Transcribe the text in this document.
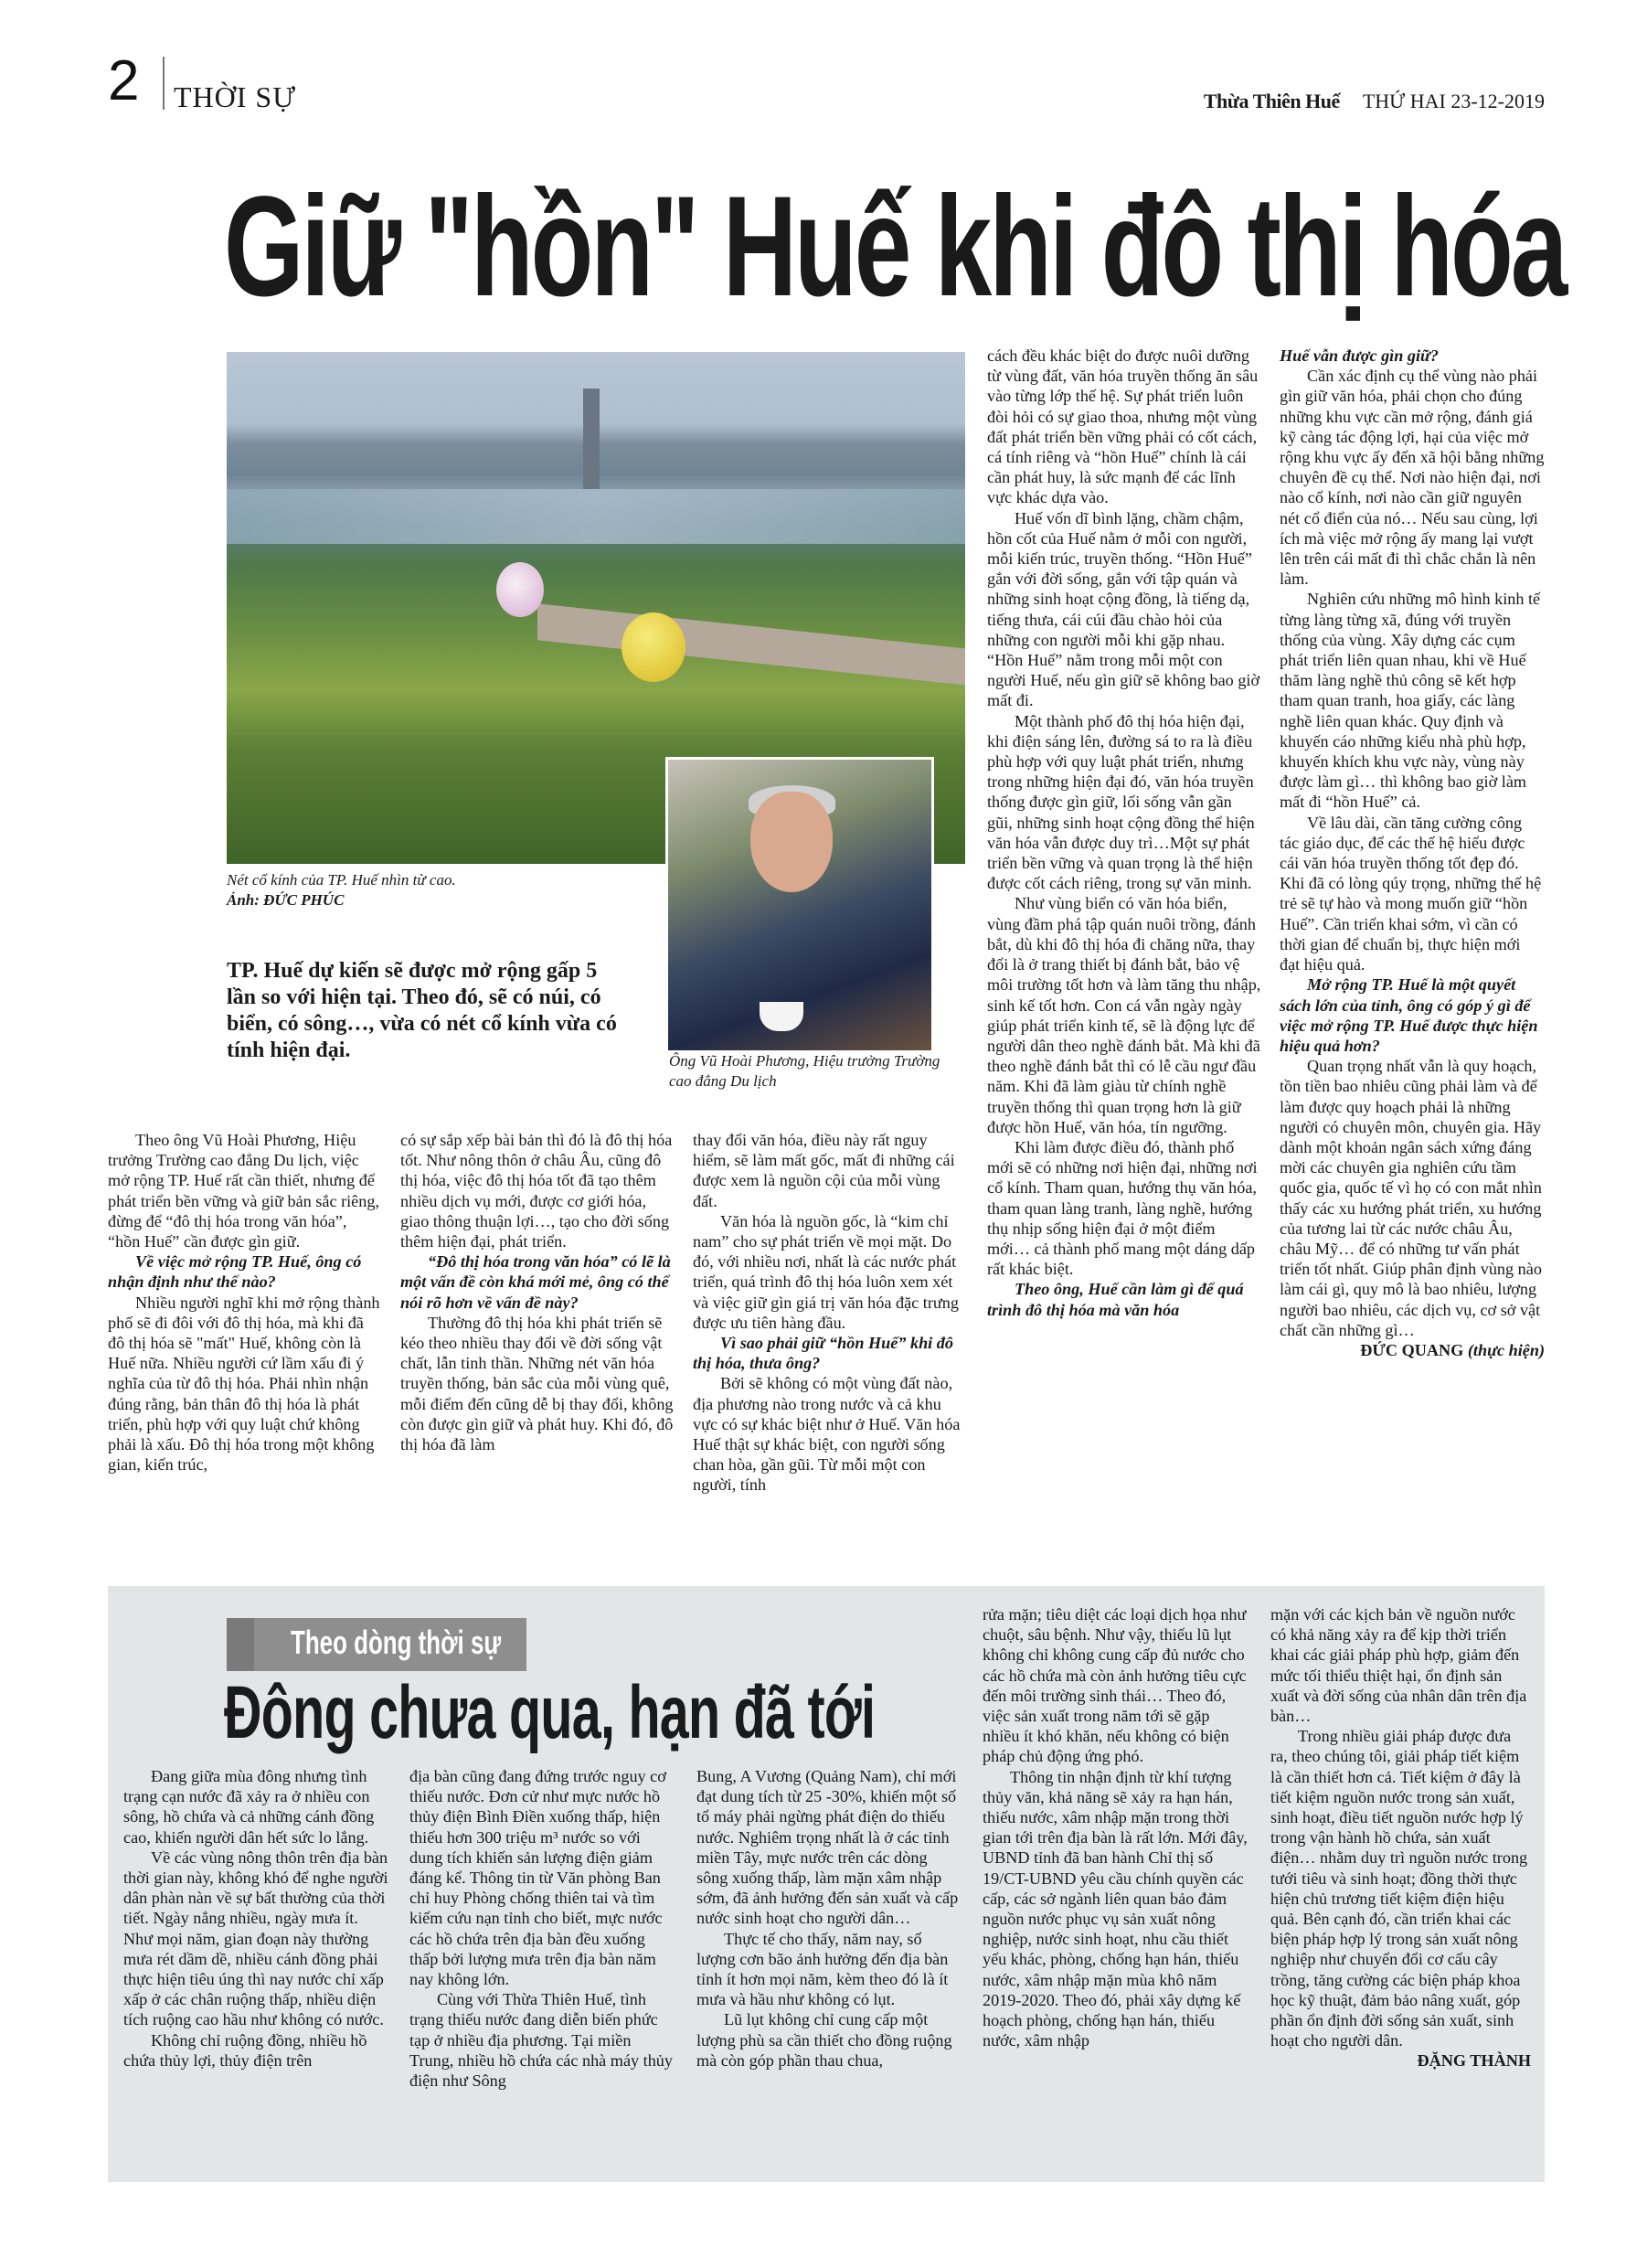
2 THỜI SỰ	Thừa Thiên Huế THỨ HAI 23-12-2019
Giữ "hồn" Huế khi đô thị hóa
Nét cổ kính của TP. Huế nhìn từ cao.
Ảnh: ĐỨC PHÚC
Ông Vũ Hoài Phương, Hiệu trưởng Trường cao đẳng Du lịch
TP. Huế dự kiến sẽ được mở rộng gấp 5 lần so với hiện tại. Theo đó, sẽ có núi, có biển, có sông…, vừa có nét cổ kính vừa có tính hiện đại.

Theo ông Vũ Hoài Phương, Hiệu trưởng Trường cao đẳng Du lịch, việc mở rộng TP. Huế rất cần thiết, nhưng để phát triển bền vững và giữ bản sắc riêng, đừng để “đô thị hóa trong văn hóa”, “hồn Huế” cần được gìn giữ.

Về việc mở rộng TP. Huế, ông có nhận định như thế nào?

Nhiều người nghĩ khi mở rộng thành phố sẽ đi đôi với đô thị hóa, mà khi đã đô thị hóa sẽ "mất" Huế, không còn là Huế nữa. Nhiều người cứ lầm xấu đi ý nghĩa của từ đô thị hóa. Phải nhìn nhận đúng rằng, bản thân đô thị hóa là phát triển, phù hợp với quy luật chứ không phải là xấu. Đô thị hóa trong một không gian, kiến trúc,

có sự sắp xếp bài bản thì đó là đô thị hóa tốt. Như nông thôn ở châu Âu, cũng đô thị hóa, việc đô thị hóa tốt đã tạo thêm nhiều dịch vụ mới, được cơ giới hóa, giao thông thuận lợi…, tạo cho đời sống thêm hiện đại, phát triển.

“Đô thị hóa trong văn hóa” có lẽ là một vấn đề còn khá mới mẻ, ông có thể nói rõ hơn về vấn đề này?

Thường đô thị hóa khi phát triển sẽ kéo theo nhiều thay đổi về đời sống vật chất, lẫn tinh thần. Những nét văn hóa truyền thống, bản sắc của mỗi vùng quê, mỗi điểm đến cũng dễ bị thay đổi, không còn được gìn giữ và phát huy. Khi đó, đô thị hóa đã làm

thay đổi văn hóa, điều này rất nguy hiểm, sẽ làm mất gốc, mất đi những cái được xem là nguồn cội của mỗi vùng đất.

Văn hóa là nguồn gốc, là “kim chỉ nam” cho sự phát triển về mọi mặt. Do đó, với nhiều nơi, nhất là các nước phát triển, quá trình đô thị hóa luôn xem xét và việc giữ gìn giá trị văn hóa đặc trưng được ưu tiên hàng đầu.

Vì sao phải giữ “hồn Huế” khi đô thị hóa, thưa ông?

Bởi sẽ không có một vùng đất nào, địa phương nào trong nước và cả khu vực có sự khác biệt như ở Huế. Văn hóa Huế thật sự khác biệt, con người sống chan hòa, gần gũi. Từ mỗi một con người, tính

cách đều khác biệt do được nuôi dưỡng từ vùng đất, văn hóa truyền thống ăn sâu vào từng lớp thế hệ. Sự phát triển luôn đòi hỏi có sự giao thoa, nhưng một vùng đất phát triển bền vững phải có cốt cách, cá tính riêng và “hồn Huế” chính là cái cần phát huy, là sức mạnh để các lĩnh vực khác dựa vào.

Huế vốn dĩ bình lặng, chầm chậm, hồn cốt của Huế nằm ở mỗi con người, mỗi kiến trúc, truyền thống. “Hồn Huế” gắn với đời sống, gắn với tập quán và những sinh hoạt cộng đồng, là tiếng dạ, tiếng thưa, cái cúi đầu chào hỏi của những con người mỗi khi gặp nhau. “Hồn Huế” nằm trong mỗi một con người Huế, nếu gìn giữ sẽ không bao giờ mất đi.

Một thành phố đô thị hóa hiện đại, khi điện sáng lên, đường sá to ra là điều phù hợp với quy luật phát triển, nhưng trong những hiện đại đó, văn hóa truyền thống được gìn giữ, lối sống vẫn gần gũi, những sinh hoạt cộng đồng thể hiện văn hóa vẫn được duy trì…Một sự phát triển bền vững và quan trọng là thể hiện được cốt cách riêng, trong sự văn minh.

Như vùng biển có văn hóa biển, vùng đầm phá tập quán nuôi trồng, đánh bắt, dù khi đô thị hóa đi chăng nữa, thay đổi là ở trang thiết bị đánh bắt, bảo vệ môi trường tốt hơn và làm tăng thu nhập, sinh kế tốt hơn. Con cá vẫn ngày ngày giúp phát triển kinh tế, sẽ là động lực để người dân theo nghề đánh bắt. Mà khi đã theo nghề đánh bắt thì có lễ cầu ngư đầu năm. Khi đã làm giàu từ chính nghề truyền thống thì quan trọng hơn là giữ được hồn Huế, văn hóa, tín ngưỡng.

Khi làm được điều đó, thành phố mới sẽ có những nơi hiện đại, những nơi cổ kính. Tham quan, hướng thụ văn hóa, tham quan làng tranh, làng nghề, hướng thụ nhịp sống hiện đại ở một điểm mới… cả thành phố mang một dáng dấp rất khác biệt.

Theo ông, Huế cần làm gì để quá trình đô thị hóa mà văn hóa

Huế vẫn được gìn giữ?

Cần xác định cụ thể vùng nào phải gìn giữ văn hóa, phải chọn cho đúng những khu vực cần mở rộng, đánh giá kỹ càng tác động lợi, hại của việc mở rộng khu vực ấy đến xã hội bằng những chuyên đề cụ thể. Nơi nào hiện đại, nơi nào cổ kính, nơi nào cần giữ nguyên nét cổ điển của nó… Nếu sau cùng, lợi ích mà việc mở rộng ấy mang lại vượt lên trên cái mất đi thì chắc chắn là nên làm.

Nghiên cứu những mô hình kinh tế từng làng từng xã, đúng với truyền thống của vùng. Xây dựng các cụm phát triển liên quan nhau, khi về Huế thăm làng nghề thủ công sẽ kết hợp tham quan tranh, hoa giấy, các làng nghề liên quan khác. Quy định và khuyến cáo những kiểu nhà phù hợp, khuyến khích khu vực này, vùng này được làm gì… thì không bao giờ làm mất đi “hồn Huế” cả.

Về lâu dài, cần tăng cường công tác giáo dục, để các thế hệ hiểu được cái văn hóa truyền thống tốt đẹp đó. Khi đã có lòng qúy trọng, những thế hệ trẻ sẽ tự hào và mong muốn giữ “hồn Huế”. Cần triển khai sớm, vì cần có thời gian để chuẩn bị, thực hiện mới đạt hiệu quả.

Mở rộng TP. Huế là một quyết sách lớn của tỉnh, ông có góp ý gì để việc mở rộng TP. Huế được thực hiện hiệu quả hơn?

Quan trọng nhất vẫn là quy hoạch, tồn tiền bao nhiêu cũng phải làm và để làm được quy hoạch phải là những người có chuyên môn, chuyên gia. Hãy dành một khoản ngân sách xứng đáng mời các chuyên gia nghiên cứu tầm quốc gia, quốc tế vì họ có con mắt nhìn thấy các xu hướng phát triển, xu hướng của tương lai từ các nước châu Âu, châu Mỹ… để có những tư vấn phát triển tốt nhất. Giúp phân định vùng nào làm cái gì, quy mô là bao nhiêu, lượng người bao nhiêu, các dịch vụ, cơ sở vật chất cần những gì…

ĐỨC QUANG (thực hiện)

Theo dòng thời sự
Đông chưa qua, hạn đã tới

Đang giữa mùa đông nhưng tình trạng cạn nước đã xảy ra ở nhiều con sông, hồ chứa và cả những cánh đồng cao, khiến người dân hết sức lo lắng.

Về các vùng nông thôn trên địa bàn thời gian này, không khó để nghe người dân phàn nàn về sự bất thường của thời tiết. Ngày nắng nhiều, ngày mưa ít. Như mọi năm, gian đoạn này thường mưa rét dầm dề, nhiều cánh đồng phải thực hiện tiêu úng thì nay nước chỉ xấp xấp ở các chân ruộng thấp, nhiều diện tích ruộng cao hầu như không có nước.

Không chỉ ruộng đồng, nhiều hồ chứa thủy lợi, thủy điện trên

địa bàn cũng đang đứng trước nguy cơ thiếu nước. Đơn cử như mực nước hồ thủy điện Bình Điền xuống thấp, hiện thiếu hơn 300 triệu m³ nước so với dung tích khiến sản lượng điện giảm đáng kể. Thông tin từ Văn phòng Ban chỉ huy Phòng chống thiên tai và tìm kiếm cứu nạn tỉnh cho biết, mực nước các hồ chứa trên địa bàn đều xuống thấp bởi lượng mưa trên địa bàn năm nay không lớn.

Cùng với Thừa Thiên Huế, tình trạng thiếu nước đang diễn biến phức tạp ở nhiều địa phương. Tại miền Trung, nhiều hồ chứa các nhà máy thủy điện như Sông

Bung, A Vương (Quảng Nam), chỉ mới đạt dung tích từ 25 -30%, khiến một số tổ máy phải ngừng phát điện do thiếu nước. Nghiêm trọng nhất là ở các tỉnh miền Tây, mực nước trên các dòng sông xuống thấp, làm mặn xâm nhập sớm, đã ảnh hưởng đến sản xuất và cấp nước sinh hoạt cho người dân…

Thực tế cho thấy, năm nay, số lượng cơn bão ảnh hưởng đến địa bàn tỉnh ít hơn mọi năm, kèm theo đó là ít mưa và hầu như không có lụt.

Lũ lụt không chỉ cung cấp một lượng phù sa cần thiết cho đồng ruộng mà còn góp phần thau chua,

rửa mặn; tiêu diệt các loại dịch họa như chuột, sâu bệnh. Như vậy, thiếu lũ lụt không chỉ không cung cấp đủ nước cho các hồ chứa mà còn ảnh hưởng tiêu cực đến môi trường sinh thái… Theo đó, việc sản xuất trong năm tới sẽ gặp nhiều ít khó khăn, nếu không có biện pháp chủ động ứng phó.

Thông tin nhận định từ khí tượng thủy văn, khả năng sẽ xảy ra hạn hán, thiếu nước, xâm nhập mặn trong thời gian tới trên địa bàn là rất lớn. Mới đây, UBND tỉnh đã ban hành Chỉ thị số 19/CT-UBND yêu cầu chính quyền các cấp, các sở ngành liên quan bảo đảm nguồn nước phục vụ sản xuất nông nghiệp, nước sinh hoạt, nhu cầu thiết yếu khác, phòng, chống hạn hán, thiếu nước, xâm nhập mặn mùa khô năm 2019-2020. Theo đó, phải xây dựng kế hoạch phòng, chống hạn hán, thiếu nước, xâm nhập

mặn với các kịch bản về nguồn nước có khả năng xảy ra để kịp thời triển khai các giải pháp phù hợp, giảm đến mức tối thiểu thiệt hại, ổn định sản xuất và đời sống của nhân dân trên địa bàn…

Trong nhiều giải pháp được đưa ra, theo chúng tôi, giải pháp tiết kiệm là cần thiết hơn cả. Tiết kiệm ở đây là tiết kiệm nguồn nước trong sản xuất, sinh hoạt, điều tiết nguồn nước hợp lý trong vận hành hồ chứa, sản xuất điện… nhằm duy trì nguồn nước trong tưới tiêu và sinh hoạt; đồng thời thực hiện chủ trương tiết kiệm điện hiệu quả. Bên cạnh đó, cần triển khai các biện pháp hợp lý trong sản xuất nông nghiệp như chuyển đổi cơ cấu cây trồng, tăng cường các biện pháp khoa học kỹ thuật, đảm bảo nâng xuất, góp phần ổn định đời sống sản xuất, sinh hoạt cho người dân.

ĐẶNG THÀNH
